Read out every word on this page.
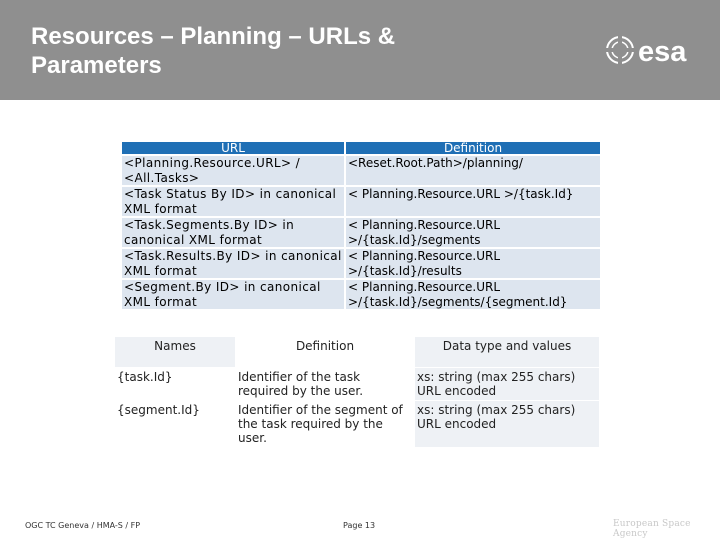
Resources – Planning – URLs & Parameters	esa
URL	Definition
<Planning.Resource.URL> / <All.Tasks>	<Reset.Root.Path>/planning/
<Task Status By ID> in canonical XML format	< Planning.Resource.URL >/{task.Id}
<Task.Segments.By ID> in canonical XML format	< Planning.Resource.URL >/{task.Id}/segments
<Task.Results.By ID> in canonical XML format	< Planning.Resource.URL >/{task.Id}/results
<Segment.By ID> in canonical XML format	< Planning.Resource.URL >/{task.Id}/segments/{segment.Id}
Names	Definition	Data type and values
{task.Id}	Identifier of the task required by the user.	xs: string (max 255 chars) URL encoded
{segment.Id}	Identifier of the segment of the task required by the user.	xs: string (max 255 chars) URL encoded
OGC TC Geneva / HMA-S / FP	Page 13	European Space Agency
